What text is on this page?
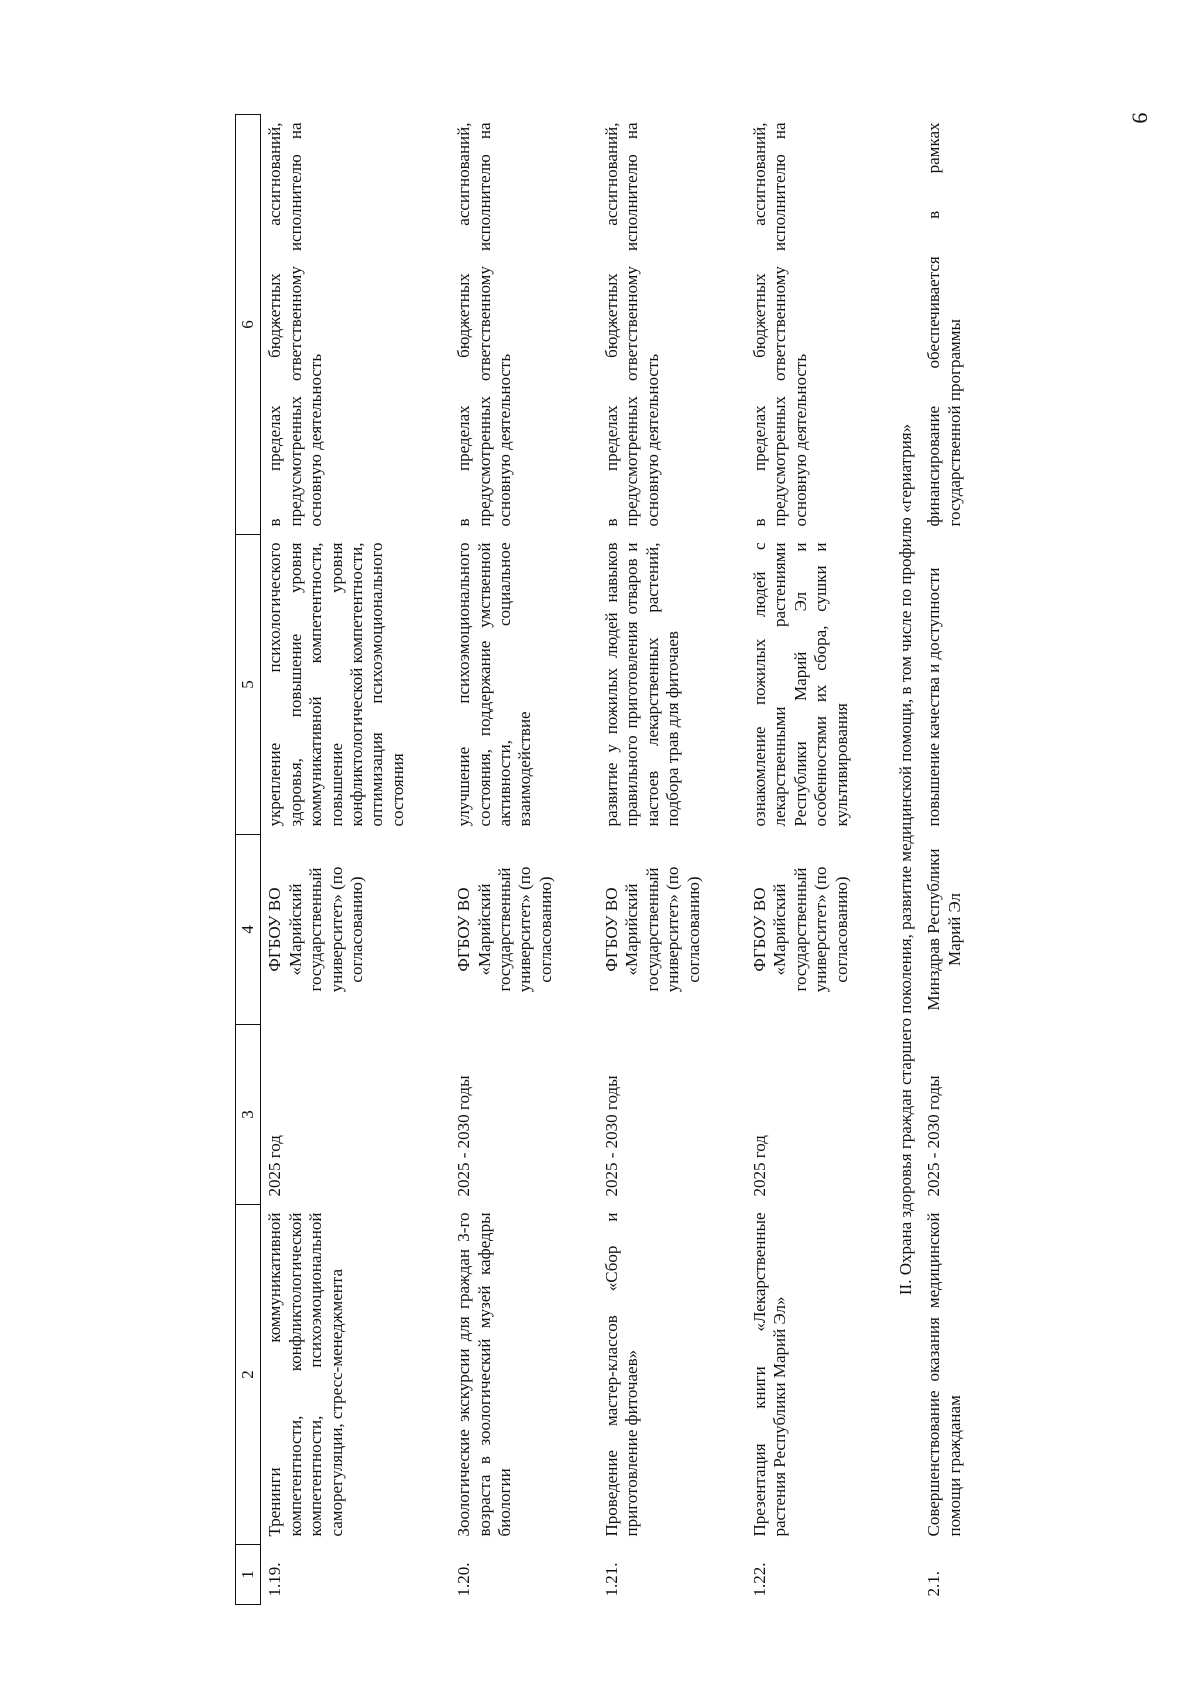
9
1	2	3	4	5	6
1.19.	Тренинги коммуникативной компетентности, конфликтологической компетентности, психоэмоциональной саморегуляции, стресс-менеджмента	2025 год	ФГБОУ ВО «Марийский государственный университет» (по согласованию)	укрепление психологического здоровья, повышение уровня коммуникативной компетентности, повышение уровня конфликтологической компетентности, оптимизация психоэмоционального состояния	в пределах бюджетных ассигнований, предусмотренных ответственному исполнителю на основную деятельность
1.20.	Зоологические экскурсии для граждан 3-го возраста в зоологический музей кафедры биологии	2025 - 2030 годы	ФГБОУ ВО «Марийский государственный университет» (по согласованию)	улучшение психоэмоционального состояния, поддержание умственной активности, социальное взаимодействие	в пределах бюджетных ассигнований, предусмотренных ответственному исполнителю на основную деятельность
1.21.	Проведение мастер-классов «Сбор и приготовление фиточаев»	2025 - 2030 годы	ФГБОУ ВО «Марийский государственный университет» (по согласованию)	развитие у пожилых людей навыков правильного приготовления отваров и настоев лекарственных растений, подбора трав для фиточаев	в пределах бюджетных ассигнований, предусмотренных ответственному исполнителю на основную деятельность
1.22.	Презентация книги «Лекарственные растения Республики Марий Эл»	2025 год	ФГБОУ ВО «Марийский государственный университет» (по согласованию)	ознакомление пожилых людей с лекарственными растениями Республики Марий Эл и особенностями их сбора, сушки и культивирования	в пределах бюджетных ассигнований, предусмотренных ответственному исполнителю на основную деятельность
II. Охрана здоровья граждан старшего поколения, развитие медицинской помощи, в том числе по профилю «гериатрия»					
2.1.	Совершенствование оказания медицинской помощи гражданам	2025 - 2030 годы	Минздрав Республики Марий Эл	повышение качества и доступности	финансирование обеспечивается в рамках государственной программы
